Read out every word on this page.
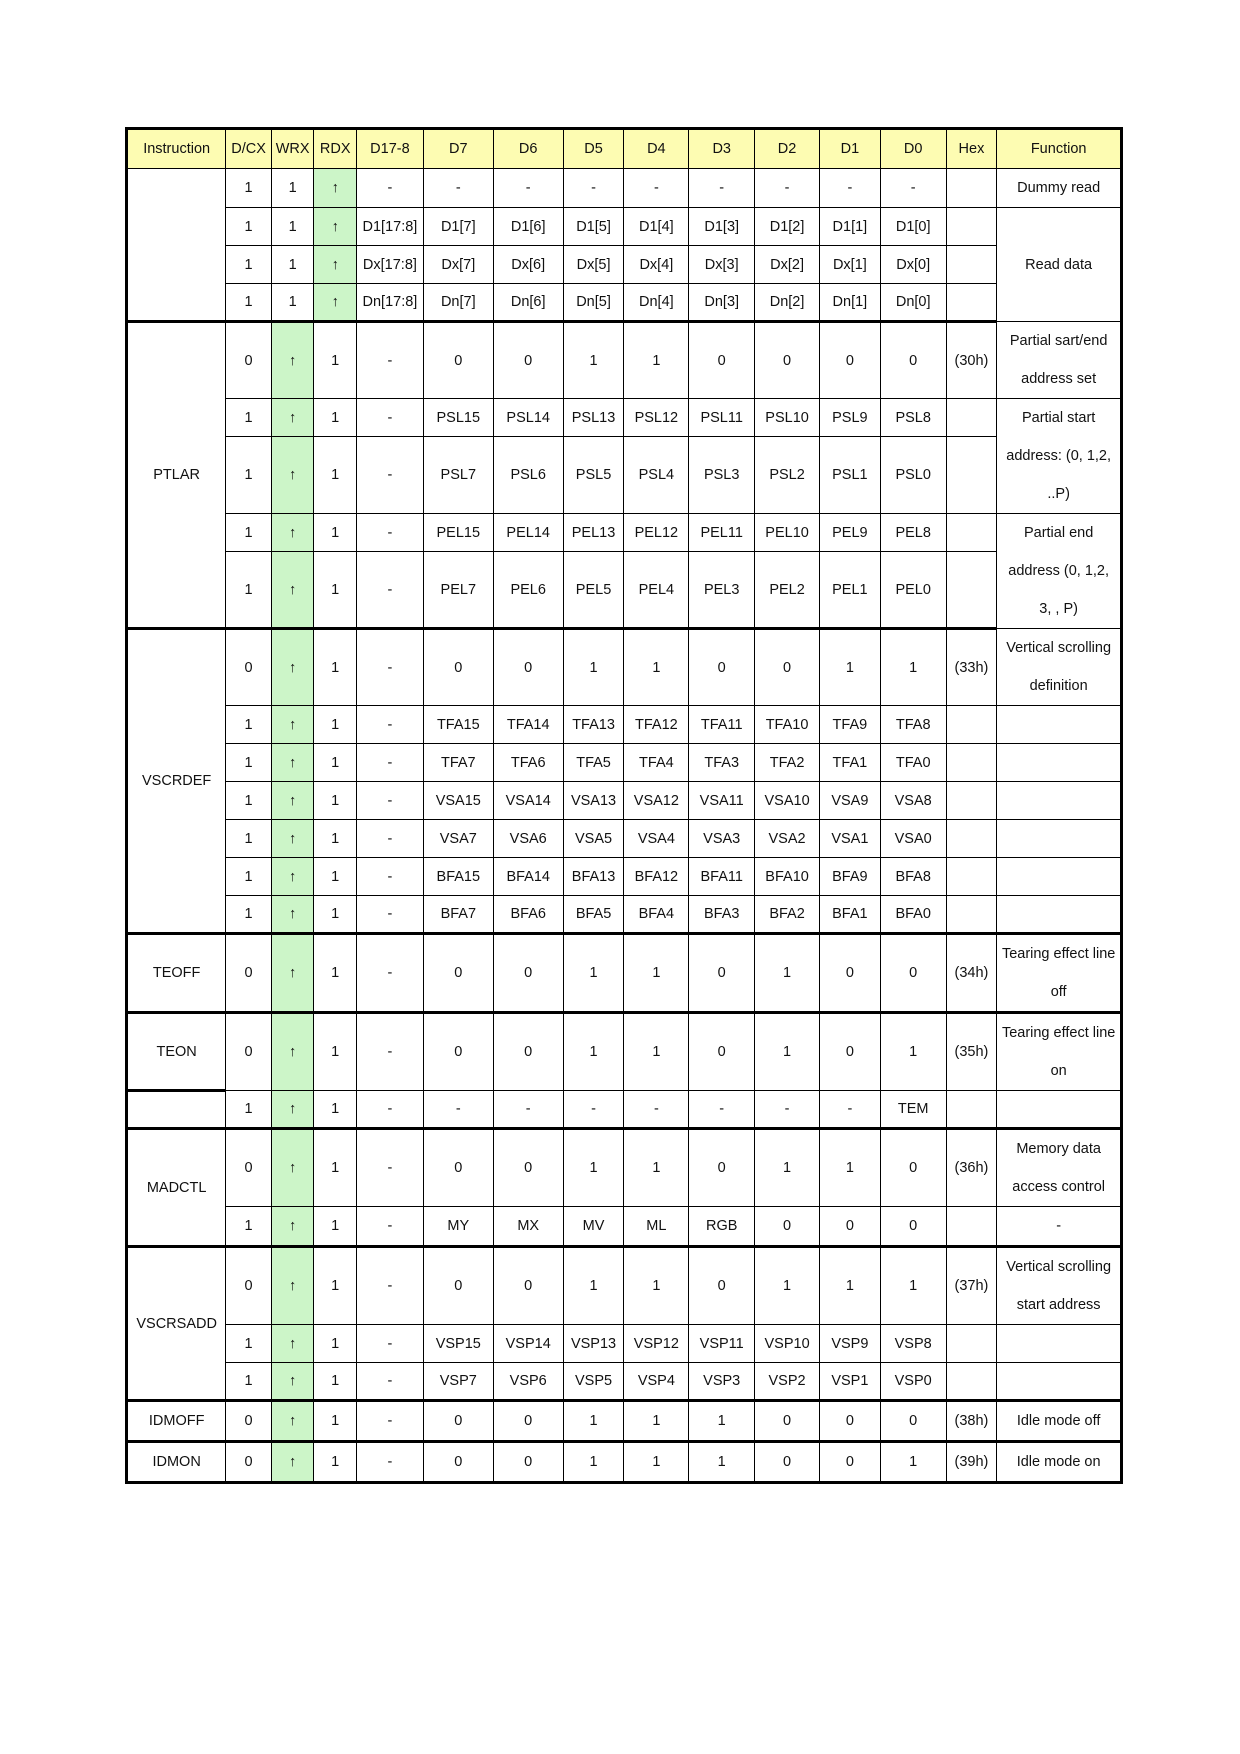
Instruction	D/CX	WRX	RDX	D17-8	D7	D6	D5	D4	D3	D2	D1	D0	Hex	Function
	1	1	↑	-	-	-	-	-	-	-	-	-		Dummy read
	1	1	↑	D1[17:8]	D1[7]	D1[6]	D1[5]	D1[4]	D1[3]	D1[2]	D1[1]	D1[0]		Read data
	1	1	↑	Dx[17:8]	Dx[7]	Dx[6]	Dx[5]	Dx[4]	Dx[3]	Dx[2]	Dx[1]	Dx[0]		
	1	1	↑	Dn[17:8]	Dn[7]	Dn[6]	Dn[5]	Dn[4]	Dn[3]	Dn[2]	Dn[1]	Dn[0]		
PTLAR	0	↑	1	-	0	0	1	1	0	0	0	0	(30h)	Partial sart/end address set
	1	↑	1	-	PSL15	PSL14	PSL13	PSL12	PSL11	PSL10	PSL9	PSL8		Partial start address: (0, 1,2, ..P)
	1	↑	1	-	PSL7	PSL6	PSL5	PSL4	PSL3	PSL2	PSL1	PSL0		
	1	↑	1	-	PEL15	PEL14	PEL13	PEL12	PEL11	PEL10	PEL9	PEL8		Partial end address (0, 1,2, 3, , P)
	1	↑	1	-	PEL7	PEL6	PEL5	PEL4	PEL3	PEL2	PEL1	PEL0		
VSCRDEF	0	↑	1	-	0	0	1	1	0	0	1	1	(33h)	Vertical scrolling definition
	1	↑	1	-	TFA15	TFA14	TFA13	TFA12	TFA11	TFA10	TFA9	TFA8		
	1	↑	1	-	TFA7	TFA6	TFA5	TFA4	TFA3	TFA2	TFA1	TFA0		
	1	↑	1	-	VSA15	VSA14	VSA13	VSA12	VSA11	VSA10	VSA9	VSA8		
	1	↑	1	-	VSA7	VSA6	VSA5	VSA4	VSA3	VSA2	VSA1	VSA0		
	1	↑	1	-	BFA15	BFA14	BFA13	BFA12	BFA11	BFA10	BFA9	BFA8		
	1	↑	1	-	BFA7	BFA6	BFA5	BFA4	BFA3	BFA2	BFA1	BFA0		
TEOFF	0	↑	1	-	0	0	1	1	0	1	0	0	(34h)	Tearing effect line off
TEON	0	↑	1	-	0	0	1	1	0	1	0	1	(35h)	Tearing effect line on
	1	↑	1	-	-	-	-	-	-	-	-	TEM		
MADCTL	0	↑	1	-	0	0	1	1	0	1	1	0	(36h)	Memory data access control
	1	↑	1	-	MY	MX	MV	ML	RGB	0	0	0		-
VSCRSADD	0	↑	1	-	0	0	1	1	0	1	1	1	(37h)	Vertical scrolling start address
	1	↑	1	-	VSP15	VSP14	VSP13	VSP12	VSP11	VSP10	VSP9	VSP8		
	1	↑	1	-	VSP7	VSP6	VSP5	VSP4	VSP3	VSP2	VSP1	VSP0		
IDMOFF	0	↑	1	-	0	0	1	1	1	0	0	0	(38h)	Idle mode off
IDMON	0	↑	1	-	0	0	1	1	1	0	0	1	(39h)	Idle mode on
